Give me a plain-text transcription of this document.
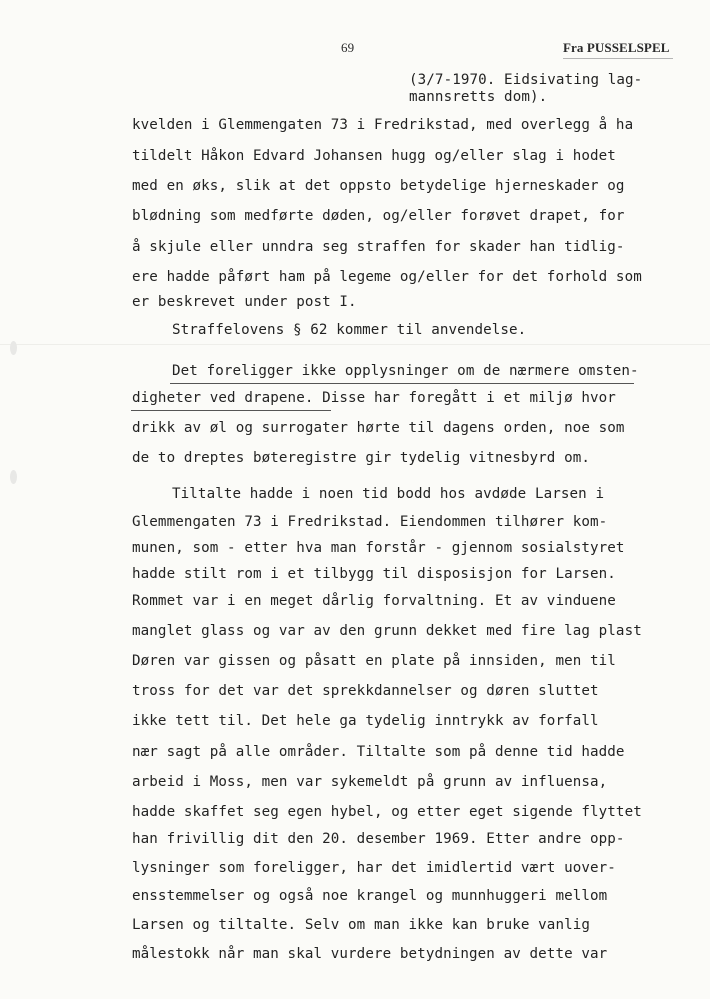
69	Fra PUSSELSPEL
(3/7-1970. Eidsivating lag-
mannsretts dom).
kvelden i Glemmengaten 73 i Fredrikstad, med overlegg å ha
tildelt Håkon Edvard Johansen hugg og/eller slag i hodet
med en øks, slik at det oppsto betydelige hjerneskader og
blødning som medførte døden, og/eller forøvet drapet, for
å skjule eller unndra seg straffen for skader han tidlig-
ere hadde påført ham på legeme og/eller for det forhold som
er beskrevet under post I.
Straffelovens § 62 kommer til anvendelse.
Det foreligger ikke opplysninger om de nærmere omsten-
digheter ved drapene. Disse har foregått i et miljø hvor
drikk av øl og surrogater hørte til dagens orden, noe som
de to dreptes bøteregistre gir tydelig vitnesbyrd om.
Tiltalte hadde i noen tid bodd hos avdøde Larsen i
Glemmengaten 73 i Fredrikstad. Eiendommen tilhører kom-
munen, som - etter hva man forstår - gjennom sosialstyret
hadde stilt rom i et tilbygg til disposisjon for Larsen.
Rommet var i en meget dårlig forvaltning. Et av vinduene
manglet glass og var av den grunn dekket med fire lag plast
Døren var gissen og påsatt en plate på innsiden, men til
tross for det var det sprekkdannelser og døren sluttet
ikke tett til. Det hele ga tydelig inntrykk av forfall
nær sagt på alle områder. Tiltalte som på denne tid hadde
arbeid i Moss, men var sykemeldt på grunn av influensa,
hadde skaffet seg egen hybel, og etter eget sigende flyttet
han frivillig dit den 20. desember 1969. Etter andre opp-
lysninger som foreligger, har det imidlertid vært uover-
ensstemmelser og også noe krangel og munnhuggeri mellom
Larsen og tiltalte. Selv om man ikke kan bruke vanlig
målestokk når man skal vurdere betydningen av dette var
